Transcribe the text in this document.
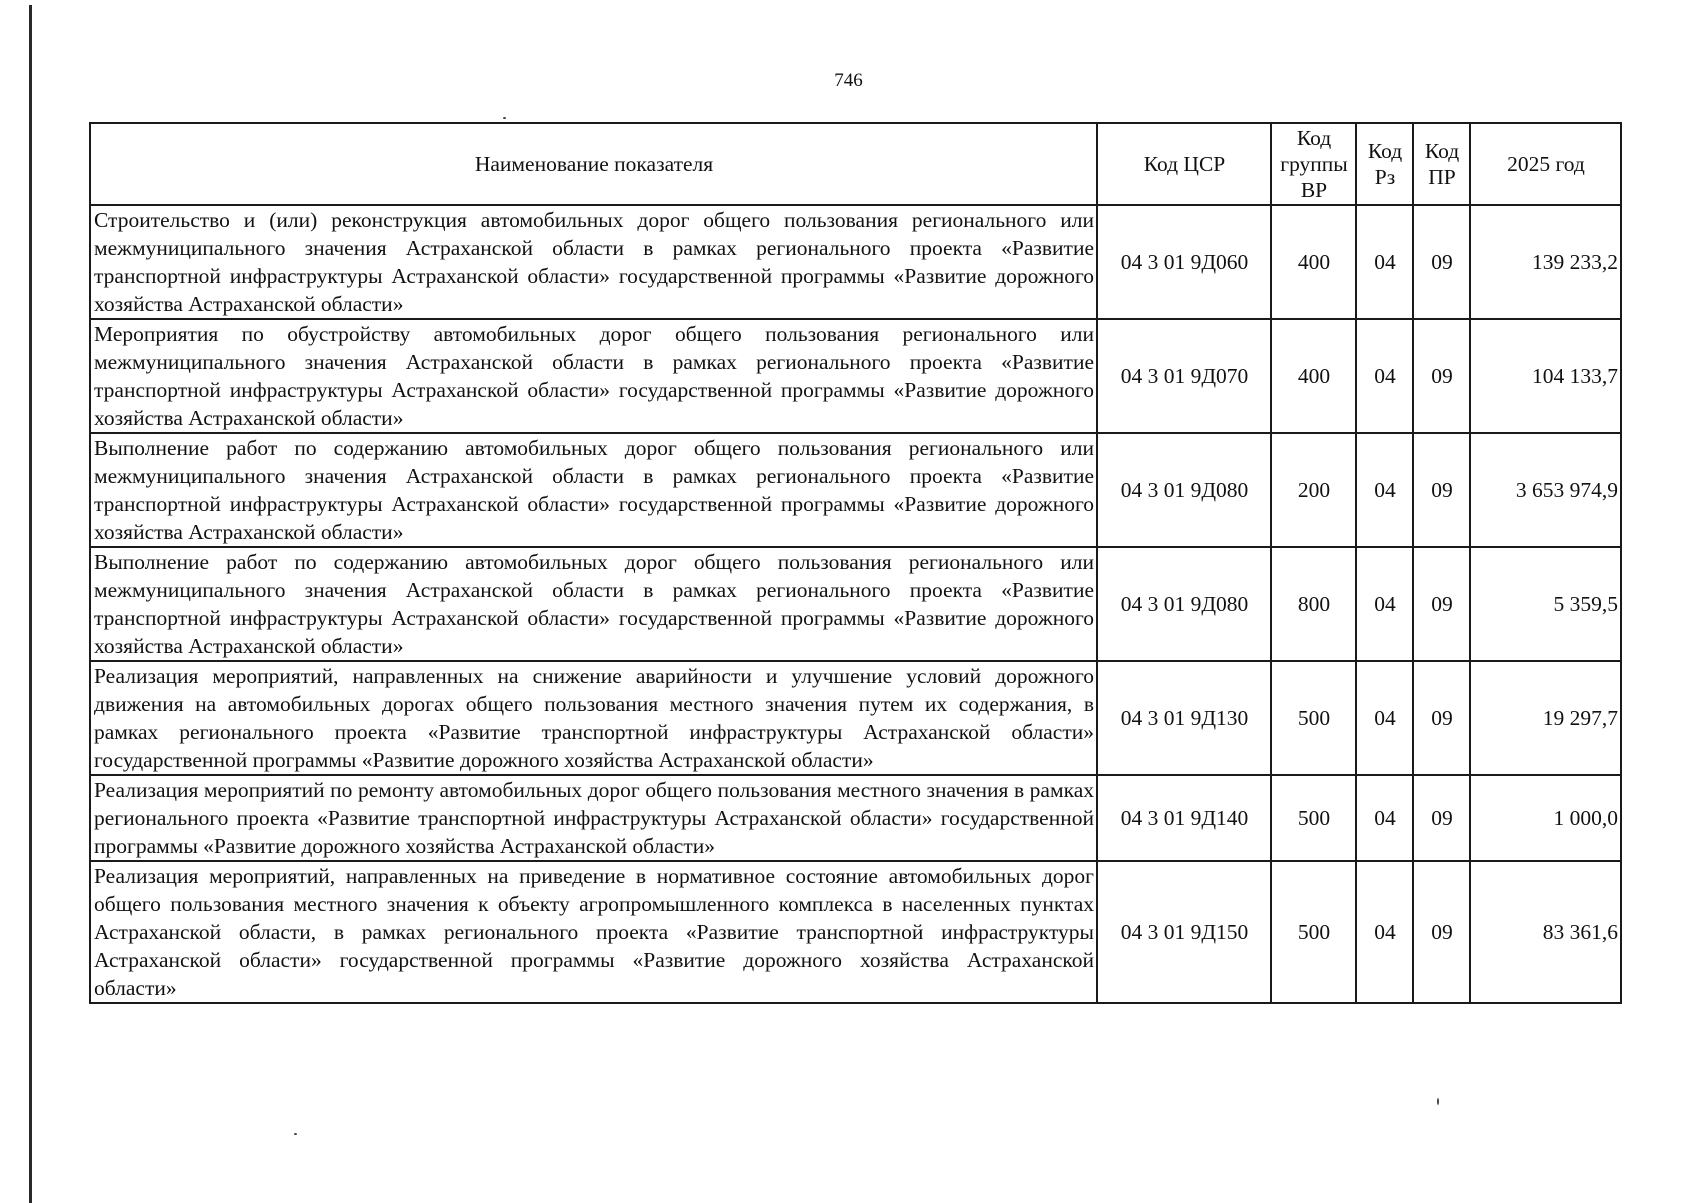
746
Наименование показателя	Код ЦСР	Код группы ВР	Код Рз	Код ПР	2025 год
Строительство и (или) реконструкция автомобильных дорог общего пользования регионального или межмуниципального значения Астраханской области в рамках регионального проекта «Развитие транспортной инфраструктуры Астраханской области» государственной программы «Развитие дорожного хозяйства Астраханской области»	04 3 01 9Д060	400	04	09	139 233,2
Мероприятия по обустройству автомобильных дорог общего пользования регионального или межмуниципального значения Астраханской области в рамках регионального проекта «Развитие транспортной инфраструктуры Астраханской области» государственной программы «Развитие дорожного хозяйства Астраханской области»	04 3 01 9Д070	400	04	09	104 133,7
Выполнение работ по содержанию автомобильных дорог общего пользования регионального или межмуниципального значения Астраханской области в рамках регионального проекта «Развитие транспортной инфраструктуры Астраханской области» государственной программы «Развитие дорожного хозяйства Астраханской области»	04 3 01 9Д080	200	04	09	3 653 974,9
Выполнение работ по содержанию автомобильных дорог общего пользования регионального или межмуниципального значения Астраханской области в рамках регионального проекта «Развитие транспортной инфраструктуры Астраханской области» государственной программы «Развитие дорожного хозяйства Астраханской области»	04 3 01 9Д080	800	04	09	5 359,5
Реализация мероприятий, направленных на снижение аварийности и улучшение условий дорожного движения на автомобильных дорогах общего пользования местного значения путем их содержания, в рамках регионального проекта «Развитие транспортной инфраструктуры Астраханской области» государственной программы «Развитие дорожного хозяйства Астраханской области»	04 3 01 9Д130	500	04	09	19 297,7
Реализация мероприятий по ремонту автомобильных дорог общего пользования местного значения в рамках регионального проекта «Развитие транспортной инфраструктуры Астраханской области» государственной программы «Развитие дорожного хозяйства Астраханской области»	04 3 01 9Д140	500	04	09	1 000,0
Реализация мероприятий, направленных на приведение в нормативное состояние автомобильных дорог общего пользования местного значения к объекту агропромышленного комплекса в населенных пунктах Астраханской области, в рамках регионального проекта «Развитие транспортной инфраструктуры Астраханской области» государственной программы «Развитие дорожного хозяйства Астраханской области»	04 3 01 9Д150	500	04	09	83 361,6
